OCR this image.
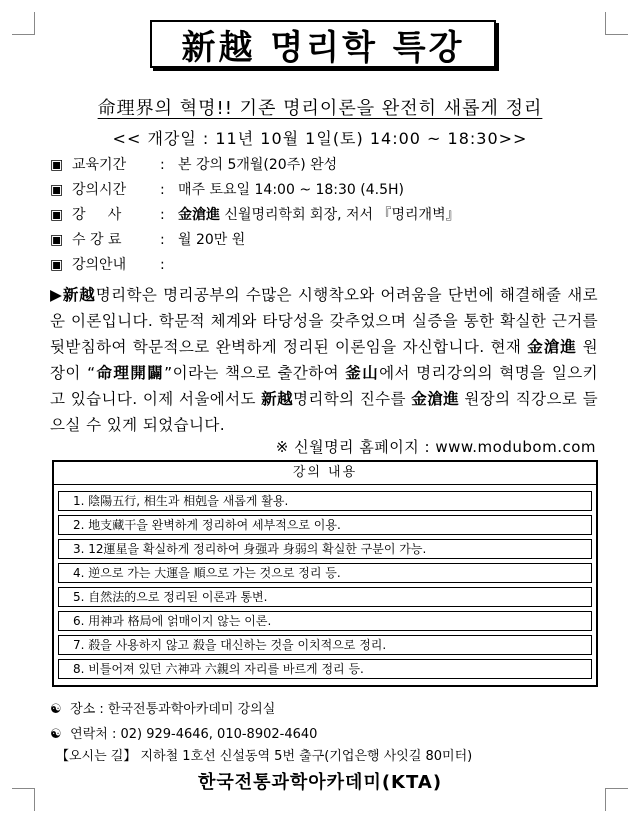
新越 명리학 특강
命理界의 혁명!! 기존 명리이론을 완전히 새롭게 정리
<< 개강일 : 11년 10월 1일(토) 14:00 ~ 18:30>>
▣ 교육기간	: 본 강의 5개월(20주) 완성
▣ 강의시간	: 매주 토요일 14:00 ~ 18:30 (4.5H)
▣ 강     사	: 金滄進 신월명리학회 회장, 저서 『명리개벽』
▣ 수 강 료	: 월 20만 원
▣ 강의안내	:
▶新越명리학은 명리공부의 수많은 시행착오와 어려움을 단번에 해결해줄 새로운 이론입니다. 학문적 체계와 타당성을 갖추었으며 실증을 통한 확실한 근거를 뒷받침하여 학문적으로 완벽하게 정리된 이론임을 자신합니다. 현재 金滄進 원장이 “命理開闢”이라는 책으로 출간하여 釜山에서 명리강의의 혁명을 일으키고 있습니다. 이제 서울에서도 新越명리학의 진수를 金滄進 원장의 직강으로 들으실 수 있게 되었습니다.
※ 신월명리 홈페이지 : www.modubom.com
강의 내용
1. 陰陽五行, 相生과 相剋을 새롭게 활용.
2. 地支藏干을 완벽하게 정리하여 세부적으로 이용.
3. 12運星을 확실하게 정리하여 身强과 身弱의 확실한 구분이 가능.
4. 逆으로 가는 大運을 順으로 가는 것으로 정리 등.
5. 自然法的으로 정리된 이론과 통변.
6. 用神과 格局에 얽매이지 않는 이론.
7. 殺을 사용하지 않고 殺을 대신하는 것을 이치적으로 정리.
8. 비틀어져 있던 六神과 六親의 자리를 바르게 정리 등.
☯ 장소 : 한국전통과학아카데미 강의실
☯ 연락처 : 02) 929-4646, 010-8902-4640
【오시는 길】 지하철 1호선 신설동역 5번 출구(기업은행 사잇길 80미터)
한국전통과학아카데미(KTA)
